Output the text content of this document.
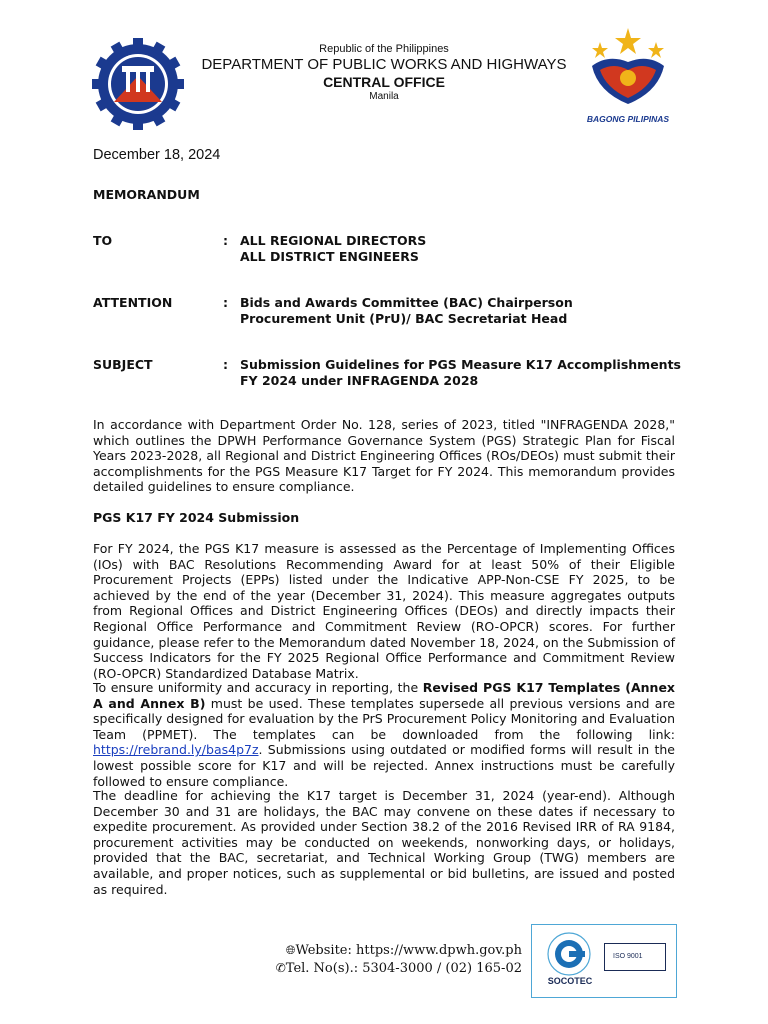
Republic of the Philippines
DEPARTMENT OF PUBLIC WORKS AND HIGHWAYS
CENTRAL OFFICE
Manila
BAGONG PILIPINAS
December 18, 2024
MEMORANDUM
TO	: ALL REGIONAL DIRECTORS
ALL DISTRICT ENGINEERS
ATTENTION	: Bids and Awards Committee (BAC) Chairperson
Procurement Unit (PrU)/ BAC Secretariat Head
SUBJECT	: Submission Guidelines for PGS Measure K17 Accomplishments
FY 2024 under INFRAGENDA 2028
In accordance with Department Order No. 128, series of 2023, titled "INFRAGENDA 2028," which outlines the DPWH Performance Governance System (PGS) Strategic Plan for Fiscal Years 2023-2028, all Regional and District Engineering Offices (ROs/DEOs) must submit their accomplishments for the PGS Measure K17 Target for FY 2024. This memorandum provides detailed guidelines to ensure compliance.
PGS K17 FY 2024 Submission
For FY 2024, the PGS K17 measure is assessed as the Percentage of Implementing Offices (IOs) with BAC Resolutions Recommending Award for at least 50% of their Eligible Procurement Projects (EPPs) listed under the Indicative APP-Non-CSE FY 2025, to be achieved by the end of the year (December 31, 2024). This measure aggregates outputs from Regional Offices and District Engineering Offices (DEOs) and directly impacts their Regional Office Performance and Commitment Review (RO-OPCR) scores. For further guidance, please refer to the Memorandum dated November 18, 2024, on the Submission of Success Indicators for the FY 2025 Regional Office Performance and Commitment Review (RO-OPCR) Standardized Database Matrix.
To ensure uniformity and accuracy in reporting, the Revised PGS K17 Templates (Annex A and Annex B) must be used. These templates supersede all previous versions and are specifically designed for evaluation by the PrS Procurement Policy Monitoring and Evaluation Team (PPMET). The templates can be downloaded from the following link: https://rebrand.ly/bas4p7z. Submissions using outdated or modified forms will result in the lowest possible score for K17 and will be rejected. Annex instructions must be carefully followed to ensure compliance.
The deadline for achieving the K17 target is December 31, 2024 (year-end). Although December 30 and 31 are holidays, the BAC may convene on these dates if necessary to expedite procurement. As provided under Section 38.2 of the 2016 Revised IRR of RA 9184, procurement activities may be conducted on weekends, nonworking days, or holidays, provided that the BAC, secretariat, and Technical Working Group (TWG) members are available, and proper notices, such as supplemental or bid bulletins, are issued and posted as required.
🌐︎Website: https://www.dpwh.gov.ph
✆Tel. No(s).: 5304-3000 / (02) 165-02
SOCOTEC
ISO 9001
